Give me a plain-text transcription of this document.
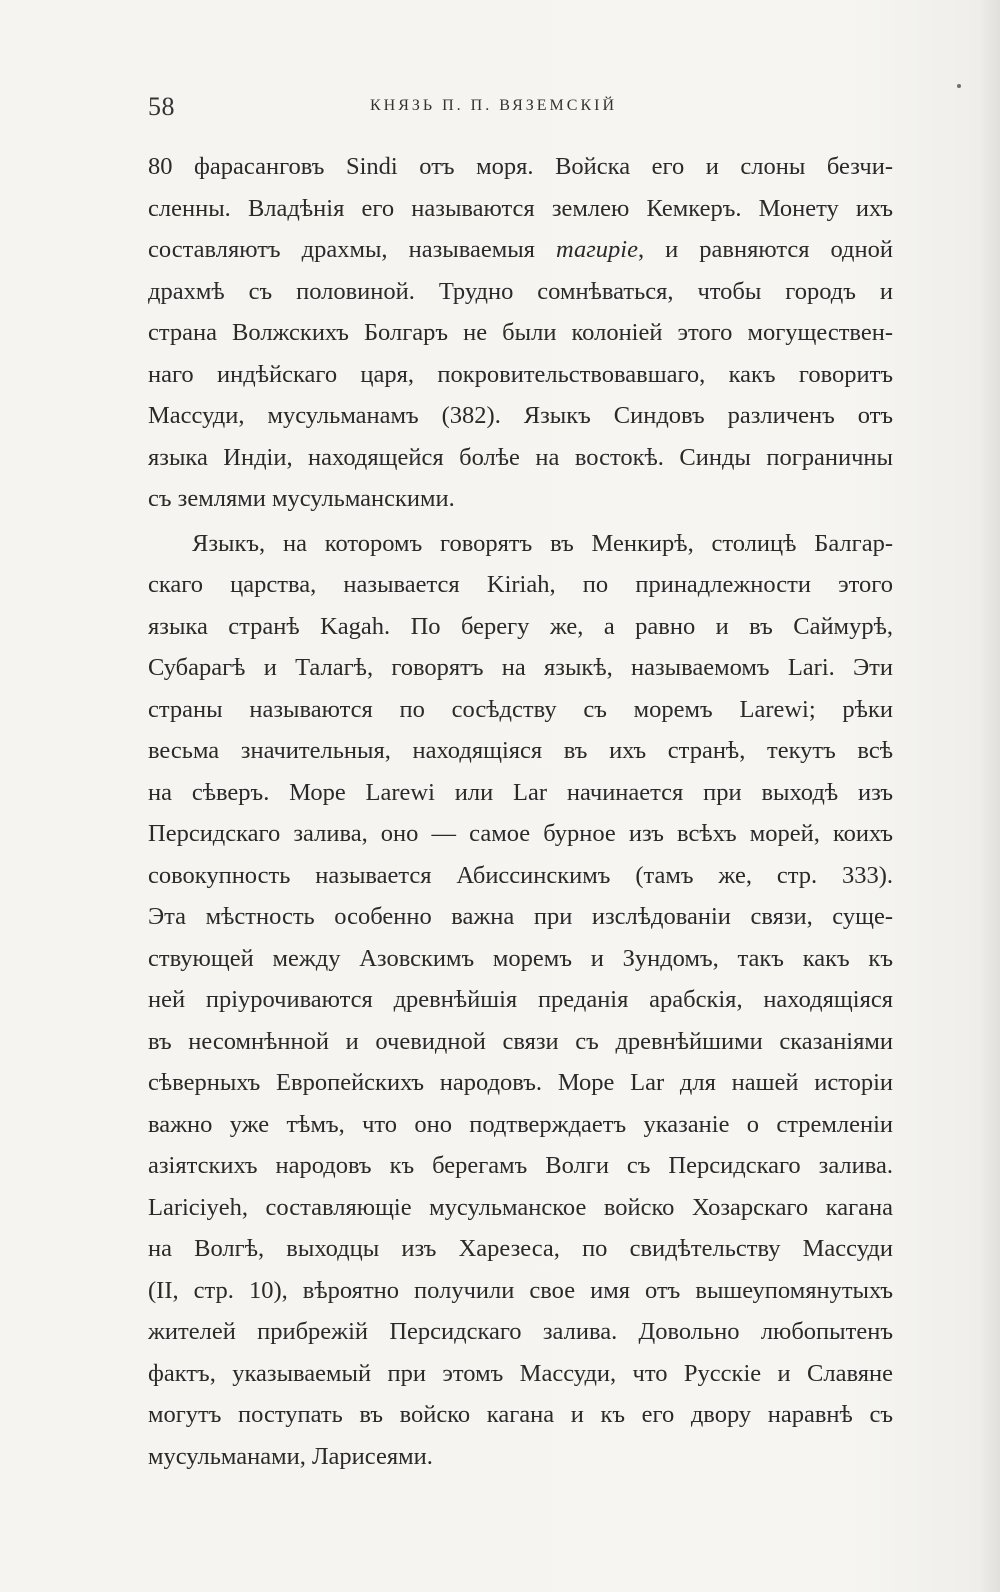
58	КНЯЗЬ П. П. ВЯЗЕМСКІЙ
80 фарасанговъ Sindi отъ моря. Войска его и слоны безчи-
сленны. Владѣнія его называются землею Кемкеръ. Монету ихъ
составляютъ драхмы, называемыя тагиріе, и равняются одной
драхмѣ съ половиной. Трудно сомнѣваться, чтобы городъ и
страна Волжскихъ Болгаръ не были колоніей этого могуществен-
наго индѣйскаго царя, покровительствовавшаго, какъ говоритъ
Массуди, мусульманамъ (382). Языкъ Синдовъ различенъ отъ
языка Индіи, находящейся болѣе на востокѣ. Синды пограничны
съ землями мусульманскими.
Языкъ, на которомъ говорятъ въ Менкирѣ, столицѣ Балгар-
скаго царства, называется Kiriah, по принадлежности этого
языка странѣ Kagah. По берегу же, а равно и въ Саймурѣ,
Субарагѣ и Талагѣ, говорятъ на языкѣ, называемомъ Lari. Эти
страны называются по сосѣдству съ моремъ Larewi; рѣки
весьма значительныя, находящіяся въ ихъ странѣ, текутъ всѣ
на сѣверъ. Море Larewi или Lar начинается при выходѣ изъ
Персидскаго залива, оно — самое бурное изъ всѣхъ морей, коихъ
совокупность называется Абиссинскимъ (тамъ же, стр. 333).
Эта мѣстность особенно важна при изслѣдованіи связи, суще-
ствующей между Азовскимъ моремъ и Зундомъ, такъ какъ къ
ней пріурочиваются древнѣйшія преданія арабскія, находящіяся
въ несомнѣнной и очевидной связи съ древнѣйшими сказаніями
сѣверныхъ Европейскихъ народовъ. Море Lar для нашей исторіи
важно уже тѣмъ, что оно подтверждаетъ указаніе о стремленіи
азіятскихъ народовъ къ берегамъ Волги съ Персидскаго залива.
Lariciyeh, составляющіе мусульманское войско Хозарскаго кагана
на Волгѣ, выходцы изъ Харезеса, по свидѣтельству Массуди
(II, стр. 10), вѣроятно получили свое имя отъ вышеупомянутыхъ
жителей прибрежій Персидскаго залива. Довольно любопытенъ
фактъ, указываемый при этомъ Массуди, что Русскіе и Славяне
могутъ поступать въ войско кагана и къ его двору наравнѣ съ
мусульманами, Ларисеями.
